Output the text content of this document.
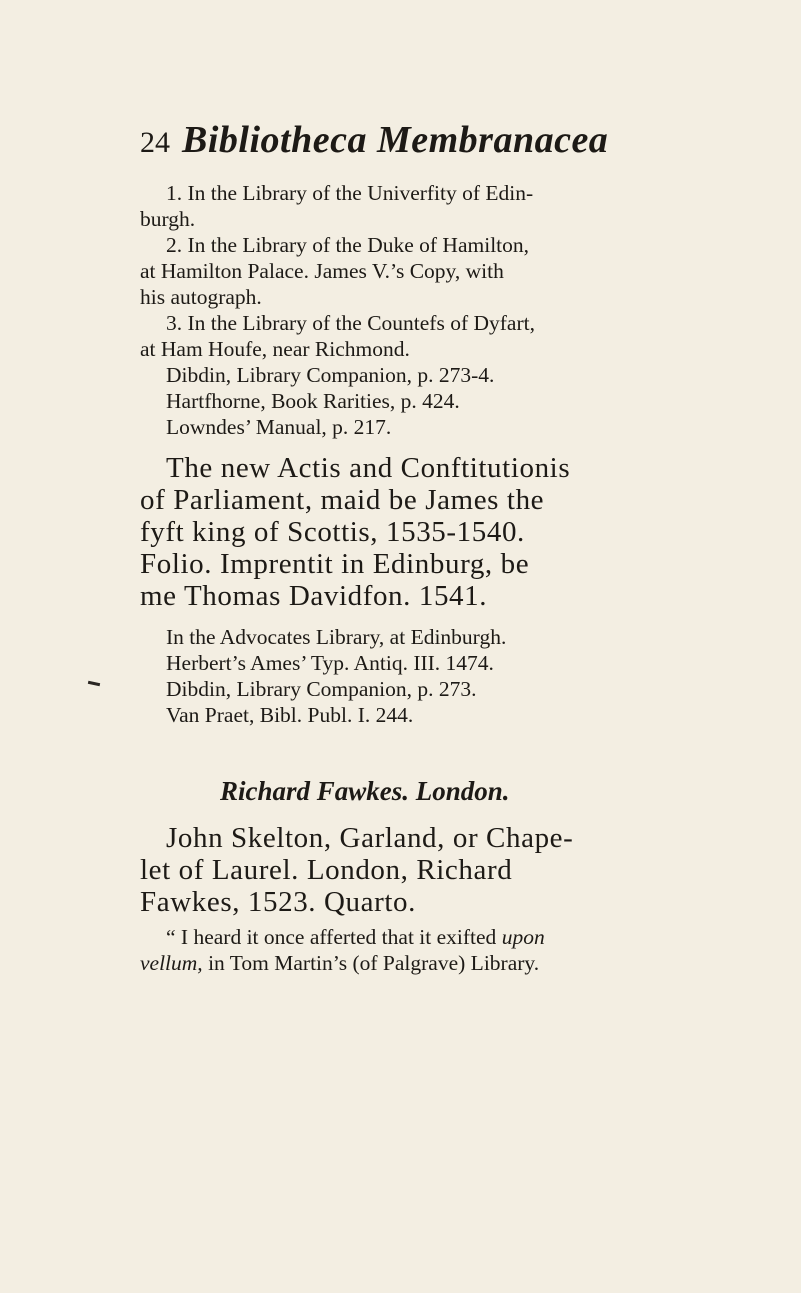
24 Bibliotheca Membranacea

1. In the Library of the Univerfity of Edin-

burgh.

2. In the Library of the Duke of Hamilton,

at Hamilton Palace. James V.’s Copy, with

his autograph.

3. In the Library of the Countefs of Dyfart,

at Ham Houfe, near Richmond.

Dibdin, Library Companion, p. 273-4.

Hartfhorne, Book Rarities, p. 424.

Lowndes’ Manual, p. 217.

The new Actis and Conftitutionis

of Parliament, maid be James the

fyft king of Scottis, 1535-1540.

Folio. Imprentit in Edinburg, be

me Thomas Davidfon. 1541.

In the Advocates Library, at Edinburgh.

Herbert’s Ames’ Typ. Antiq. III. 1474.

Dibdin, Library Companion, p. 273.

Van Praet, Bibl. Publ. I. 244.

Richard Fawkes. London.

John Skelton, Garland, or Chape-

let of Laurel. London, Richard

Fawkes, 1523. Quarto.

“ I heard it once afferted that it exifted upon

vellum, in Tom Martin’s (of Palgrave) Library.
